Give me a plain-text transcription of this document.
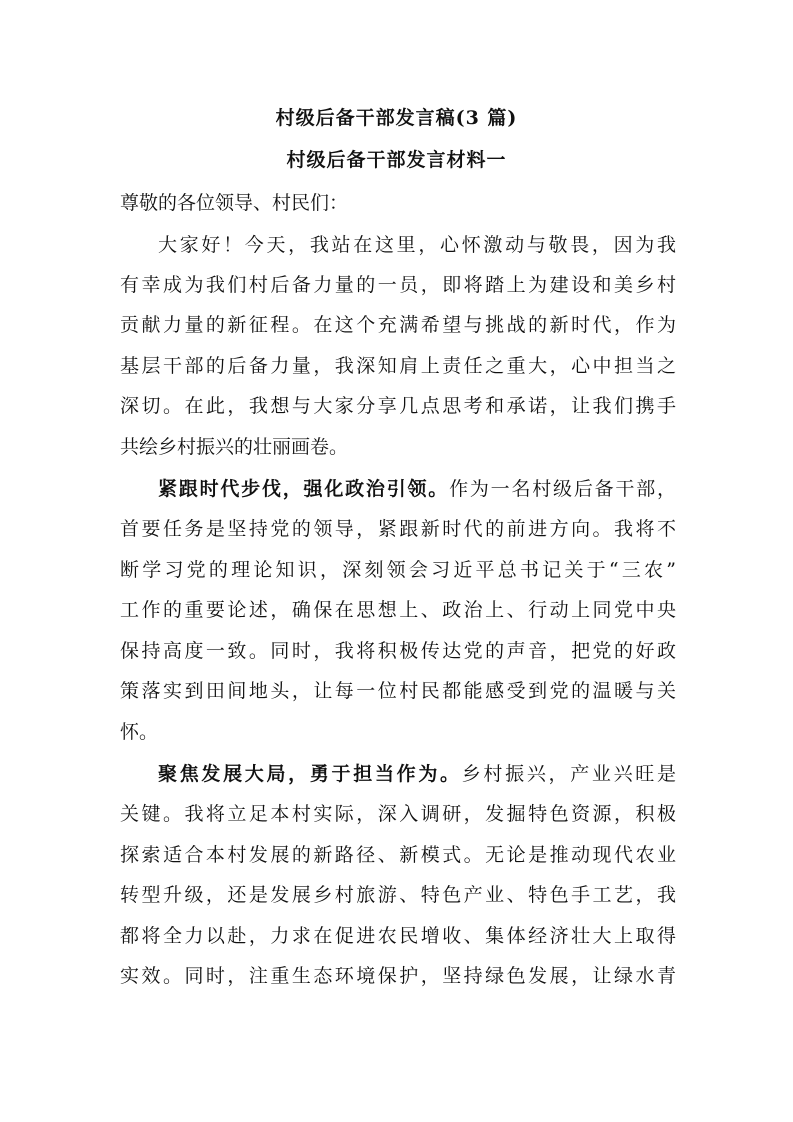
村级后备干部发言稿(3 篇)
村级后备干部发言材料一
尊敬的各位领导、村民们：
大家好！今天，我站在这里，心怀激动与敬畏，因为我
有幸成为我们村后备力量的一员，即将踏上为建设和美乡村
贡献力量的新征程。在这个充满希望与挑战的新时代，作为
基层干部的后备力量，我深知肩上责任之重大，心中担当之
深切。在此，我想与大家分享几点思考和承诺，让我们携手
共绘乡村振兴的壮丽画卷。
紧跟时代步伐，强化政治引领。作为一名村级后备干部，
首要任务是坚持党的领导，紧跟新时代的前进方向。我将不
断学习党的理论知识，深刻领会习近平总书记关于“三农”
工作的重要论述，确保在思想上、政治上、行动上同党中央
保持高度一致。同时，我将积极传达党的声音，把党的好政
策落实到田间地头，让每一位村民都能感受到党的温暖与关
怀。
聚焦发展大局，勇于担当作为。乡村振兴，产业兴旺是
关键。我将立足本村实际，深入调研，发掘特色资源，积极
探索适合本村发展的新路径、新模式。无论是推动现代农业
转型升级，还是发展乡村旅游、特色产业、特色手工艺，我
都将全力以赴，力求在促进农民增收、集体经济壮大上取得
实效。同时，注重生态环境保护，坚持绿色发展，让绿水青
